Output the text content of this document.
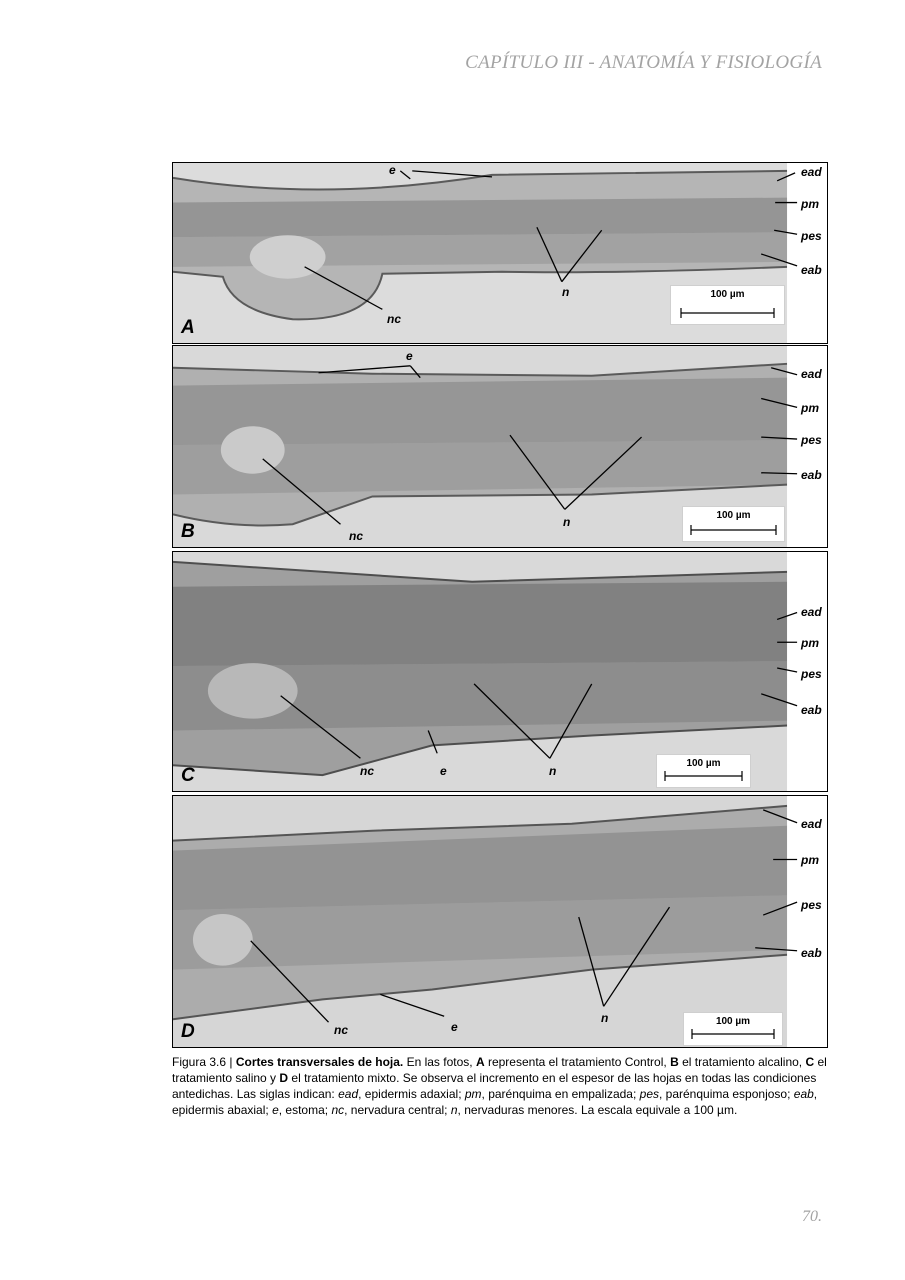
CAPÍTULO III - ANATOMÍA Y FISIOLOGÍA
e	ead
pm
pes
eab
n
nc
100 µm
A
e
ead
pm
pes
eab
n
nc
100 µm
B
ead
pm
pes
eab
n
nc	e
100 µm
C
ead
pm
pes
eab
n
nc	e	100 µm
D
Figura 3.6 | Cortes transversales de hoja. En las fotos, A representa el tratamiento Control, B el tratamiento alcalino, C el tratamiento salino y D el tratamiento mixto. Se observa el incremento en el espesor de las hojas en todas las condiciones antedichas. Las siglas indican: ead, epidermis adaxial; pm, parénquima en empalizada; pes, parénquima esponjoso; eab, epidermis abaxial; e, estoma; nc, nervadura central; n, nervaduras menores. La escala equivale a 100 µm.
70.
